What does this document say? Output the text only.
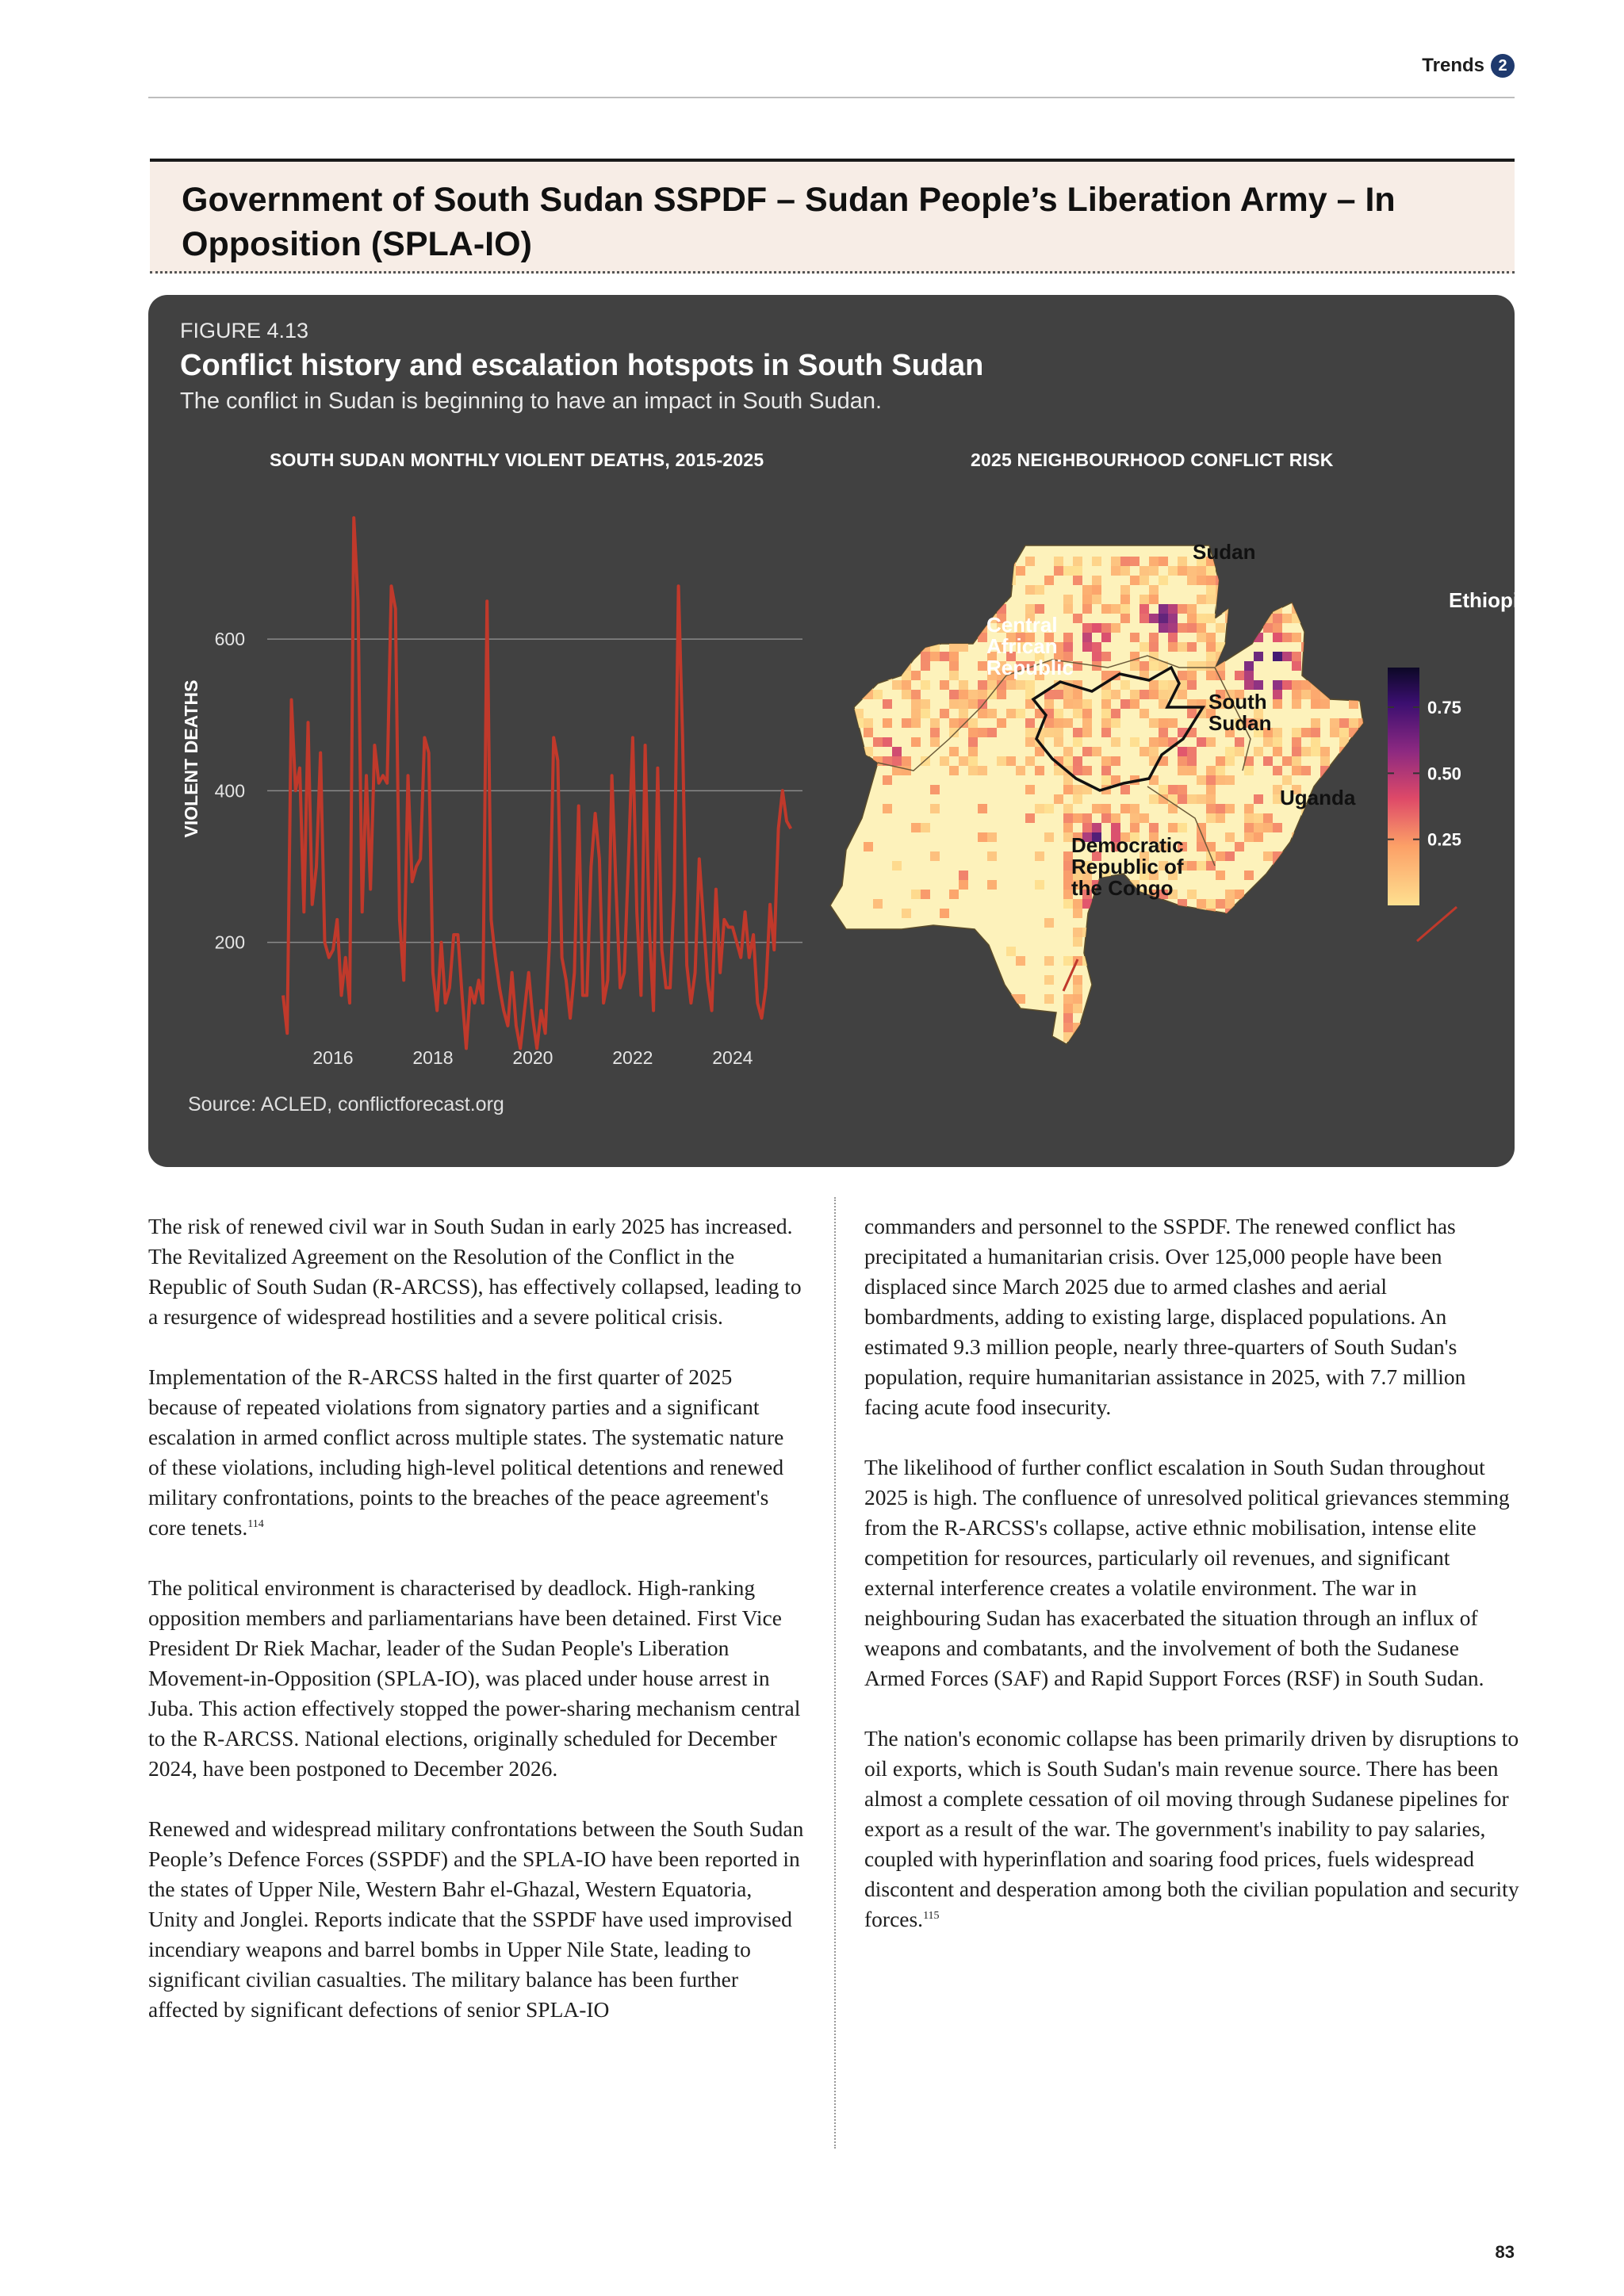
Trends 2
Government of South Sudan SSPDF – Sudan People’s Liberation Army – In Opposition (SPLA-IO)
FIGURE 4.13
Conflict history and escalation hotspots in South Sudan
The conflict in Sudan is beginning to have an impact in South Sudan.
SOUTH SUDAN MONTHLY VIOLENT DEATHS, 2015-2025	2025 NEIGHBOURHOOD CONFLICT RISK
200
400
600
2016	2018	2020	2022	2024
VIOLENT DEATHS
Sudan
Ethiopia
Central African Republic
South Sudan
Uganda
Democratic Republic of the Congo
0.25
0.50
0.75
Source: ACLED, conflictforecast.org

The risk of renewed civil war in South Sudan in early 2025 has increased. The Revitalized Agreement on the Resolution of the Conflict in the Republic of South Sudan (R-ARCSS), has effectively collapsed, leading to a resurgence of widespread hostilities and a severe political crisis.

Implementation of the R-ARCSS halted in the first quarter of 2025 because of repeated violations from signatory parties and a significant escalation in armed conflict across multiple states. The systematic nature of these violations, including high-level political detentions and renewed military confrontations, points to the breaches of the peace agreement's core tenets.$^{114}$

The political environment is characterised by deadlock. High-ranking opposition members and parliamentarians have been detained. First Vice President Dr Riek Machar, leader of the Sudan People's Liberation Movement-in-Opposition (SPLA-IO), was placed under house arrest in Juba. This action effectively stopped the power-sharing mechanism central to the R-ARCSS. National elections, originally scheduled for December 2024, have been postponed to December 2026.

Renewed and widespread military confrontations between the South Sudan People’s Defence Forces (SSPDF) and the SPLA-IO have been reported in the states of Upper Nile, Western Bahr el-Ghazal, Western Equatoria, Unity and Jonglei. Reports indicate that the SSPDF have used improvised incendiary weapons and barrel bombs in Upper Nile State, leading to significant civilian casualties. The military balance has been further affected by significant defections of senior SPLA-IO

commanders and personnel to the SSPDF. The renewed conflict has precipitated a humanitarian crisis. Over 125,000 people have been displaced since March 2025 due to armed clashes and aerial bombardments, adding to existing large, displaced populations. An estimated 9.3 million people, nearly three-quarters of South Sudan's population, require humanitarian assistance in 2025, with 7.7 million facing acute food insecurity.

The likelihood of further conflict escalation in South Sudan throughout 2025 is high. The confluence of unresolved political grievances stemming from the R-ARCSS's collapse, active ethnic mobilisation, intense elite competition for resources, particularly oil revenues, and significant external interference creates a volatile environment. The war in neighbouring Sudan has exacerbated the situation through an influx of weapons and combatants, and the involvement of both the Sudanese Armed Forces (SAF) and Rapid Support Forces (RSF) in South Sudan.

The nation's economic collapse has been primarily driven by disruptions to oil exports, which is South Sudan's main revenue source. There has been almost a complete cessation of oil moving through Sudanese pipelines for export as a result of the war. The government's inability to pay salaries, coupled with hyperinflation and soaring food prices, fuels widespread discontent and desperation among both the civilian population and security forces.$^{115}$

83
